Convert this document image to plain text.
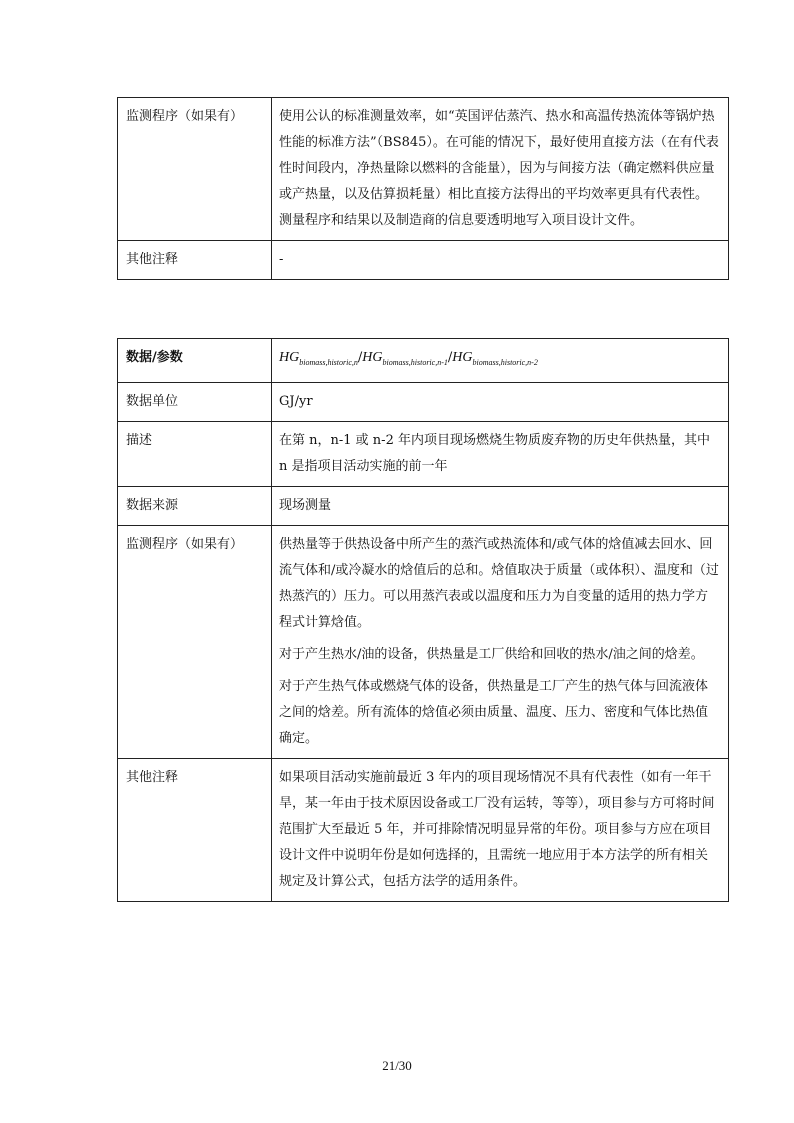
监测程序（如果有）	使用公认的标准测量效率，如“英国评估蒸汽、热水和高温传热流体等锅炉热性能的标准方法”（BS845）。在可能的情况下，最好使用直接方法（在有代表性时间段内，净热量除以燃料的含能量），因为与间接方法（确定燃料供应量或产热量，以及估算损耗量）相比直接方法得出的平均效率更具有代表性。测量程序和结果以及制造商的信息要透明地写入项目设计文件。
其他注释	-
数据/参数	$HG_{biomass,historic,n}/HG_{biomass,historic,n-1}/HG_{biomass,historic,n-2}$
数据单位	GJ/yr
描述	在第 n，n-1 或 n-2 年内项目现场燃烧生物质废弃物的历史年供热量，其中 n 是指项目活动实施的前一年
数据来源	现场测量
监测程序（如果有）	供热量等于供热设备中所产生的蒸汽或热流体和/或气体的焓值减去回水、回流气体和/或冷凝水的焓值后的总和。焓值取决于质量（或体积）、温度和（过热蒸汽的）压力。可以用蒸汽表或以温度和压力为自变量的适用的热力学方程式计算焓值。

对于产生热水/油的设备，供热量是工厂供给和回收的热水/油之间的焓差。

对于产生热气体或燃烧气体的设备，供热量是工厂产生的热气体与回流液体之间的焓差。所有流体的焓值必须由质量、温度、压力、密度和气体比热值确定。

其他注释	如果项目活动实施前最近 3 年内的项目现场情况不具有代表性（如有一年干旱，某一年由于技术原因设备或工厂没有运转，等等），项目参与方可将时间范围扩大至最近 5 年，并可排除情况明显异常的年份。项目参与方应在项目设计文件中说明年份是如何选择的，且需统一地应用于本方法学的所有相关规定及计算公式，包括方法学的适用条件。
21/30
